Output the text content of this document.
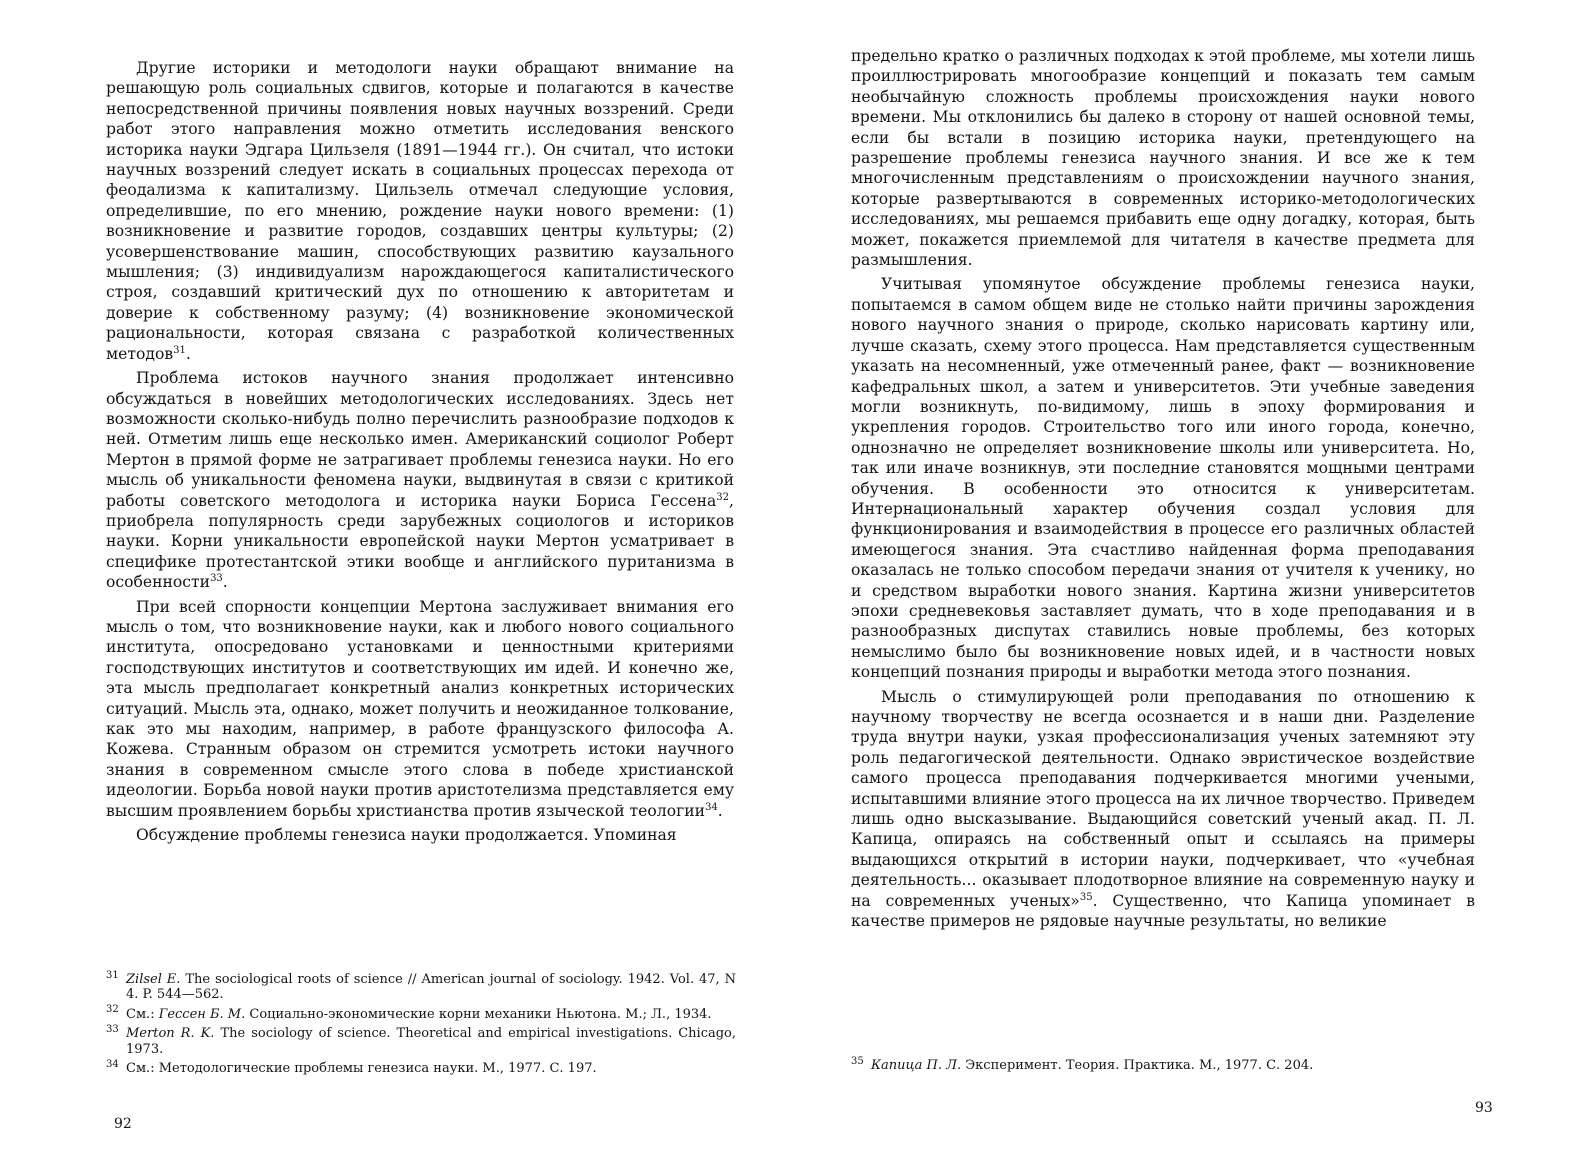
Другие историки и методологи науки обращают внимание на решающую роль социальных сдвигов, которые и полагаются в качестве непосредственной причины появления новых научных воззрений. Среди работ этого направления можно отметить исследования венского историка науки Эдгара Цильзеля (1891—1944 гг.). Он считал, что истоки научных воззрений следует искать в социальных процессах перехода от феодализма к капитализму. Цильзель отмечал следующие условия, определившие, по его мнению, рождение науки нового времени: (1) возникновение и развитие городов, создавших центры культуры; (2) усовершенствование машин, способствующих развитию каузального мышления; (3) индивидуализм нарождающегося капиталистического строя, создавший критический дух по отношению к авторитетам и доверие к собственному разуму; (4) возникновение экономической рациональности, которая связана с разработкой количественных методов$^{31}$.

Проблема истоков научного знания продолжает интенсивно обсуждаться в новейших методологических исследованиях. Здесь нет возможности сколько-нибудь полно перечислить разнообразие подходов к ней. Отметим лишь еще несколько имен. Американский социолог Роберт Мертон в прямой форме не затрагивает проблемы генезиса науки. Но его мысль об уникальности феномена науки, выдвинутая в связи с критикой работы советского методолога и историка науки Бориса Гессена$^{32}$, приобрела популярность среди зарубежных социологов и историков науки. Корни уникальности европейской науки Мертон усматривает в специфике протестантской этики вообще и английского пуританизма в особенности$^{33}$.

При всей спорности концепции Мертона заслуживает внимания его мысль о том, что возникновение науки, как и любого нового социального института, опосредовано установками и ценностными критериями господствующих институтов и соответствующих им идей. И конечно же, эта мысль предполагает конкретный анализ конкретных исторических ситуаций. Мысль эта, однако, может получить и неожиданное толкование, как это мы находим, например, в работе французского философа А. Кожева. Странным образом он стремится усмотреть истоки научного знания в современном смысле этого слова в победе христианской идеологии. Борьба новой науки против аристотелизма представляется ему высшим проявлением борьбы христианства против языческой теологии$^{34}$.

Обсуждение проблемы генезиса науки продолжается. Упоминая

31 Zilsel E. The sociological roots of science // American journal of sociology. 1942. Vol. 47, N 4. P. 544—562.
32 См.: Гессен Б. М. Социально-экономические корни механики Ньютона. М.; Л., 1934.
33 Merton R. K. The sociology of science. Theoretical and empirical investigations. Chicago, 1973.
34 См.: Методологические проблемы генезиса науки. М., 1977. С. 197.
92

предельно кратко о различных подходах к этой проблеме, мы хотели лишь проиллюстрировать многообразие концепций и показать тем самым необычайную сложность проблемы происхождения науки нового времени. Мы отклонились бы далеко в сторону от нашей основной темы, если бы встали в позицию историка науки, претендующего на разрешение проблемы генезиса научного знания. И все же к тем многочисленным представлениям о происхождении научного знания, которые развертываются в современных историко-методологических исследованиях, мы решаемся прибавить еще одну догадку, которая, быть может, покажется приемлемой для читателя в качестве предмета для размышления.

Учитывая упомянутое обсуждение проблемы генезиса науки, попытаемся в самом общем виде не столько найти причины зарождения нового научного знания о природе, сколько нарисовать картину или, лучше сказать, схему этого процесса. Нам представляется существенным указать на несомненный, уже отмеченный ранее, факт — возникновение кафедральных школ, а затем и университетов. Эти учебные заведения могли возникнуть, по-видимому, лишь в эпоху формирования и укрепления городов. Строительство того или иного города, конечно, однозначно не определяет возникновение школы или университета. Но, так или иначе возникнув, эти последние становятся мощными центрами обучения. В особенности это относится к университетам. Интернациональный характер обучения создал условия для функционирования и взаимодействия в процессе его различных областей имеющегося знания. Эта счастливо найденная форма преподавания оказалась не только способом передачи знания от учителя к ученику, но и средством выработки нового знания. Картина жизни университетов эпохи средневековья заставляет думать, что в ходе преподавания и в разнообразных диспутах ставились новые проблемы, без которых немыслимо было бы возникновение новых идей, и в частности новых концепций познания природы и выработки метода этого познания.

Мысль о стимулирующей роли преподавания по отношению к научному творчеству не всегда осознается и в наши дни. Разделение труда внутри науки, узкая профессионализация ученых затемняют эту роль педагогической деятельности. Однако эвристическое воздействие самого процесса преподавания подчеркивается многими учеными, испытавшими влияние этого процесса на их личное творчество. Приведем лишь одно высказывание. Выдающийся советский ученый акад. П. Л. Капица, опираясь на собственный опыт и ссылаясь на примеры выдающихся открытий в истории науки, подчеркивает, что «учебная деятельность... оказывает плодотворное влияние на современную науку и на современных ученых»$^{35}$. Существенно, что Капица упоминает в качестве примеров не рядовые научные результаты, но великие

35 Капица П. Л. Эксперимент. Теория. Практика. М., 1977. С. 204.
93
